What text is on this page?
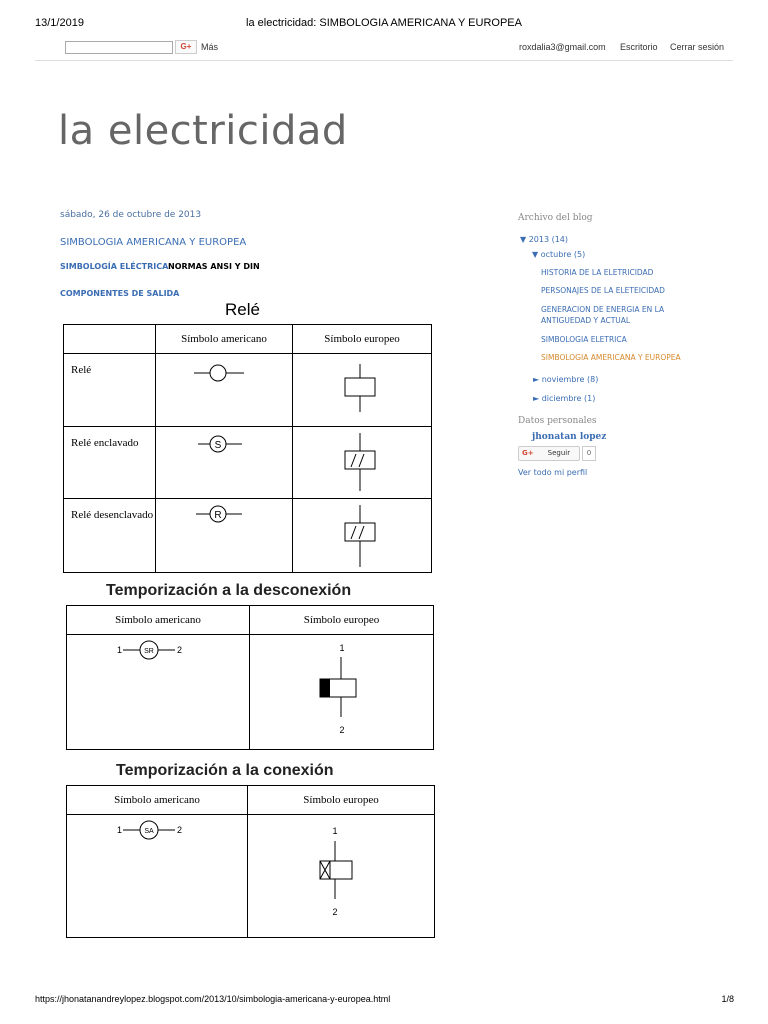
13/1/2019	la electricidad: SIMBOLOGIA AMERICANA Y EUROPEA
G+	Más	roxdalia3@gmail.com Escritorio Cerrar sesión
la electricidad
sábado, 26 de octubre de 2013
SIMBOLOGIA AMERICANA Y EUROPEA
SIMBOLOGÍA ELÉCTRICA NORMAS ANSI Y DIN
COMPONENTES DE SALIDA
Relé
	Símbolo americano	Símbolo europeo
Relé	

Relé enclavado	S

Relé desenclavado	R

Temporización a la desconexión
Símbolo americano	Símbolo europeo

1 SR 2	1
2
Temporización a la conexión
Símbolo americano	Símbolo europeo

1 SA 2	1
2
Archivo del blog
▼ 2013 (14)
▼ octubre (5)
HISTORIA DE LA ELETRICIDAD
PERSONAJES DE LA ELETEICIDAD
GENERACION DE ENERGIA EN LA ANTIGUEDAD Y ACTUAL
SIMBOLOGIA ELETRICA
SIMBOLOGIA AMERICANA Y EUROPEA
► noviembre (8)
► diciembre (1)
Datos personales
jhonatan lopez
G+ Seguir	0
Ver todo mi perfil
https://jhonatanandreylopez.blogspot.com/2013/10/simbologia-americana-y-europea.html	1/8
